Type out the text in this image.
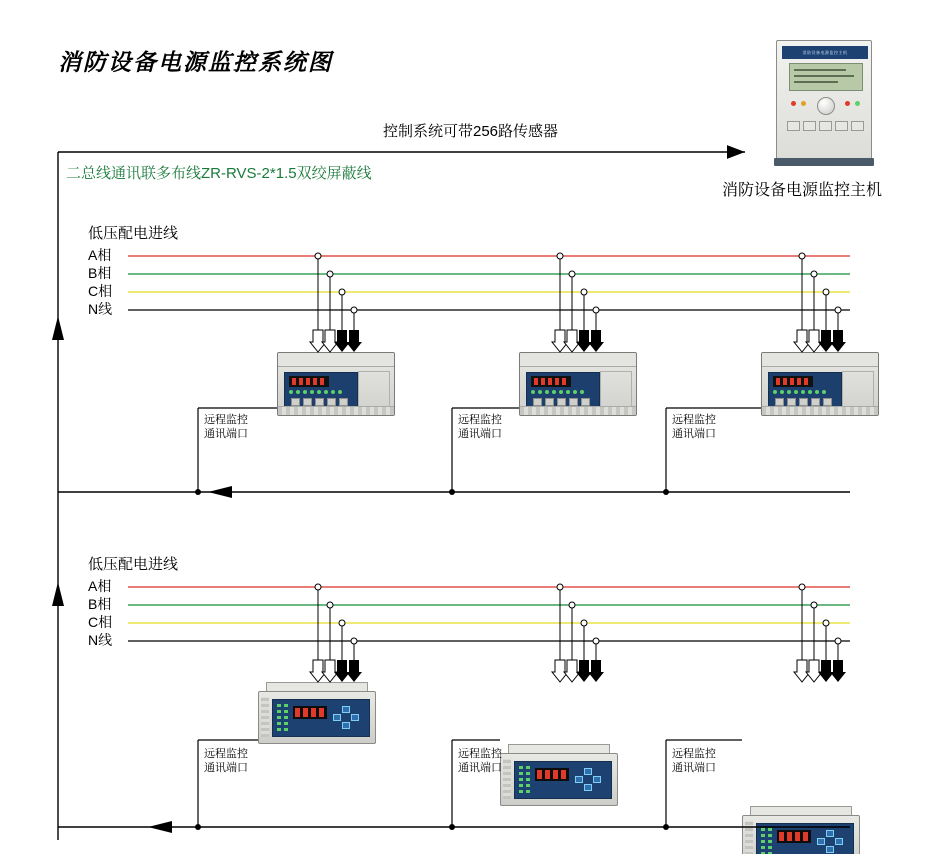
消防设备电源监控系统图	消防设备电源监控主机
消防设备电源监控主机
控制系统可带256路传感器
二总线通讯联多布线ZR-RVS-2*1.5双绞屏蔽线
低压配电进线
A相
B相
C相
N线
远程监控
通讯端口
远程监控
通讯端口
远程监控
通讯端口
低压配电进线
A相
B相
C相
N线
远程监控
通讯端口
远程监控
通讯端口
远程监控
通讯端口
